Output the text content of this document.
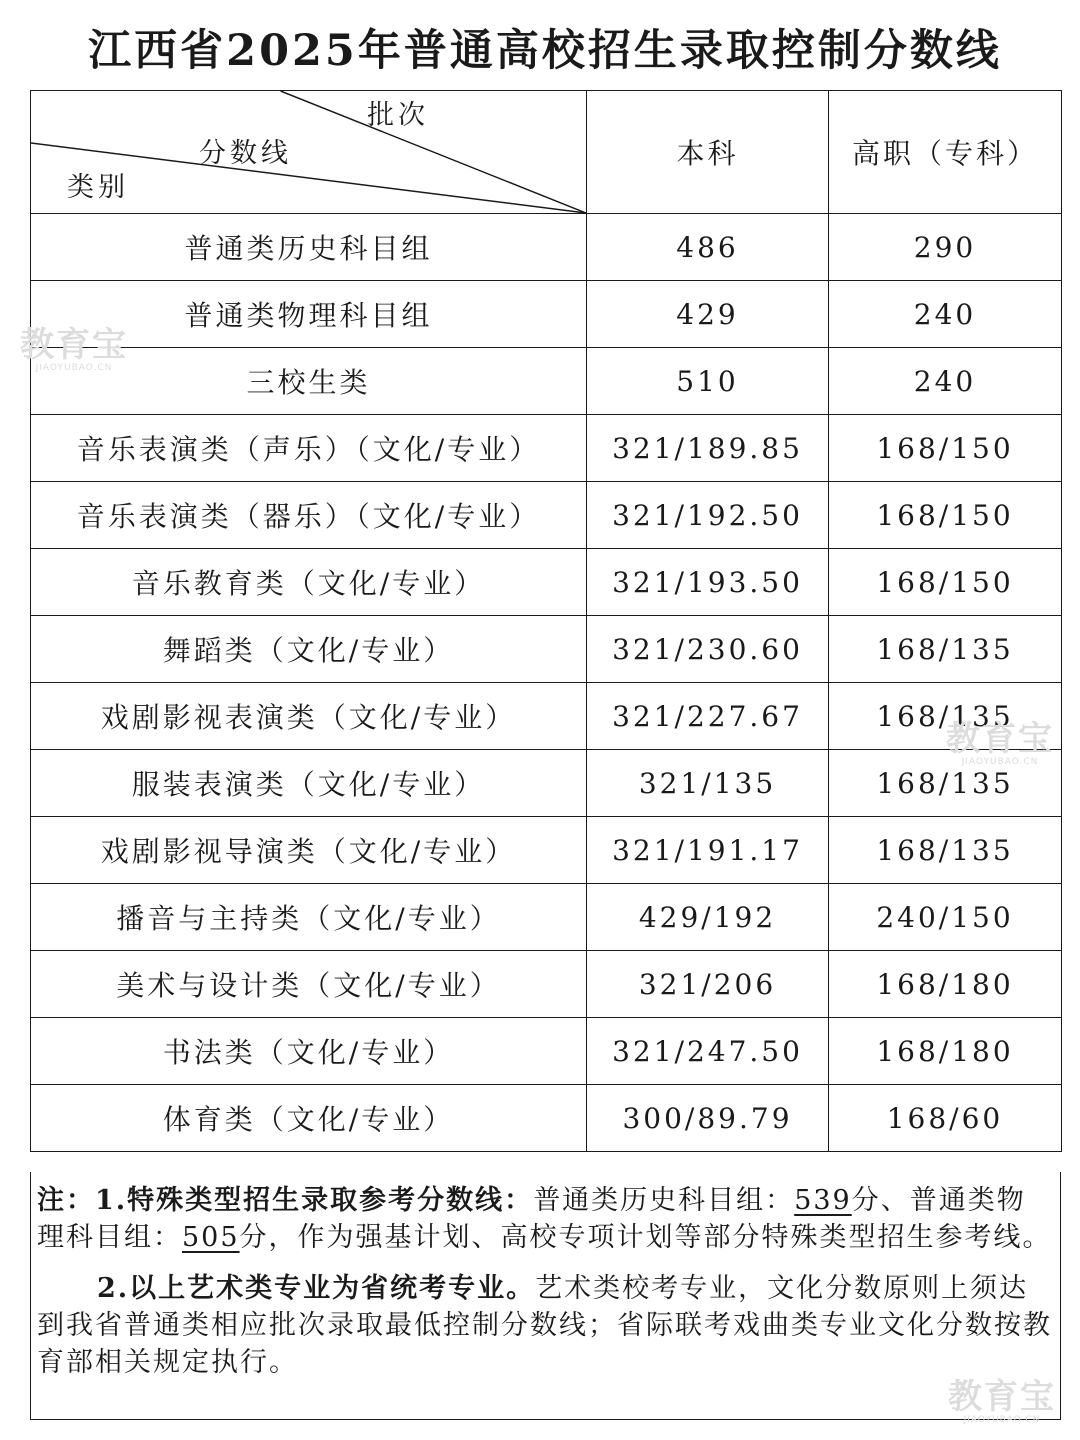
江西省2025年普通高校招生录取控制分数线
批次
分数线
类别	本科	高职（专科）
普通类历史科目组	486	290
普通类物理科目组	429	240
三校生类	510	240
音乐表演类（声乐）（文化/专业）	321/189.85	168/150
音乐表演类（器乐）（文化/专业）	321/192.50	168/150
音乐教育类（文化/专业）	321/193.50	168/150
舞蹈类（文化/专业）	321/230.60	168/135
戏剧影视表演类（文化/专业）	321/227.67	168/135
服装表演类（文化/专业）	321/135	168/135
戏剧影视导演类（文化/专业）	321/191.17	168/135
播音与主持类（文化/专业）	429/192	240/150
美术与设计类（文化/专业）	321/206	168/180
书法类（文化/专业）	321/247.50	168/180
体育类（文化/专业）	300/89.79	168/60

注：1.特殊类型招生录取参考分数线：普通类历史科目组：539分、普通类物理科目组：505分，作为强基计划、高校专项计划等部分特殊类型招生参考线。

2.以上艺术类专业为省统考专业。艺术类校考专业，文化分数原则上须达到我省普通类相应批次录取最低控制分数线；省际联考戏曲类专业文化分数按教育部相关规定执行。

教育宝
JIAOYUBAO.CN
教育宝
JIAOYUBAO.CN
教育宝
JIAOYUBAO.CN
